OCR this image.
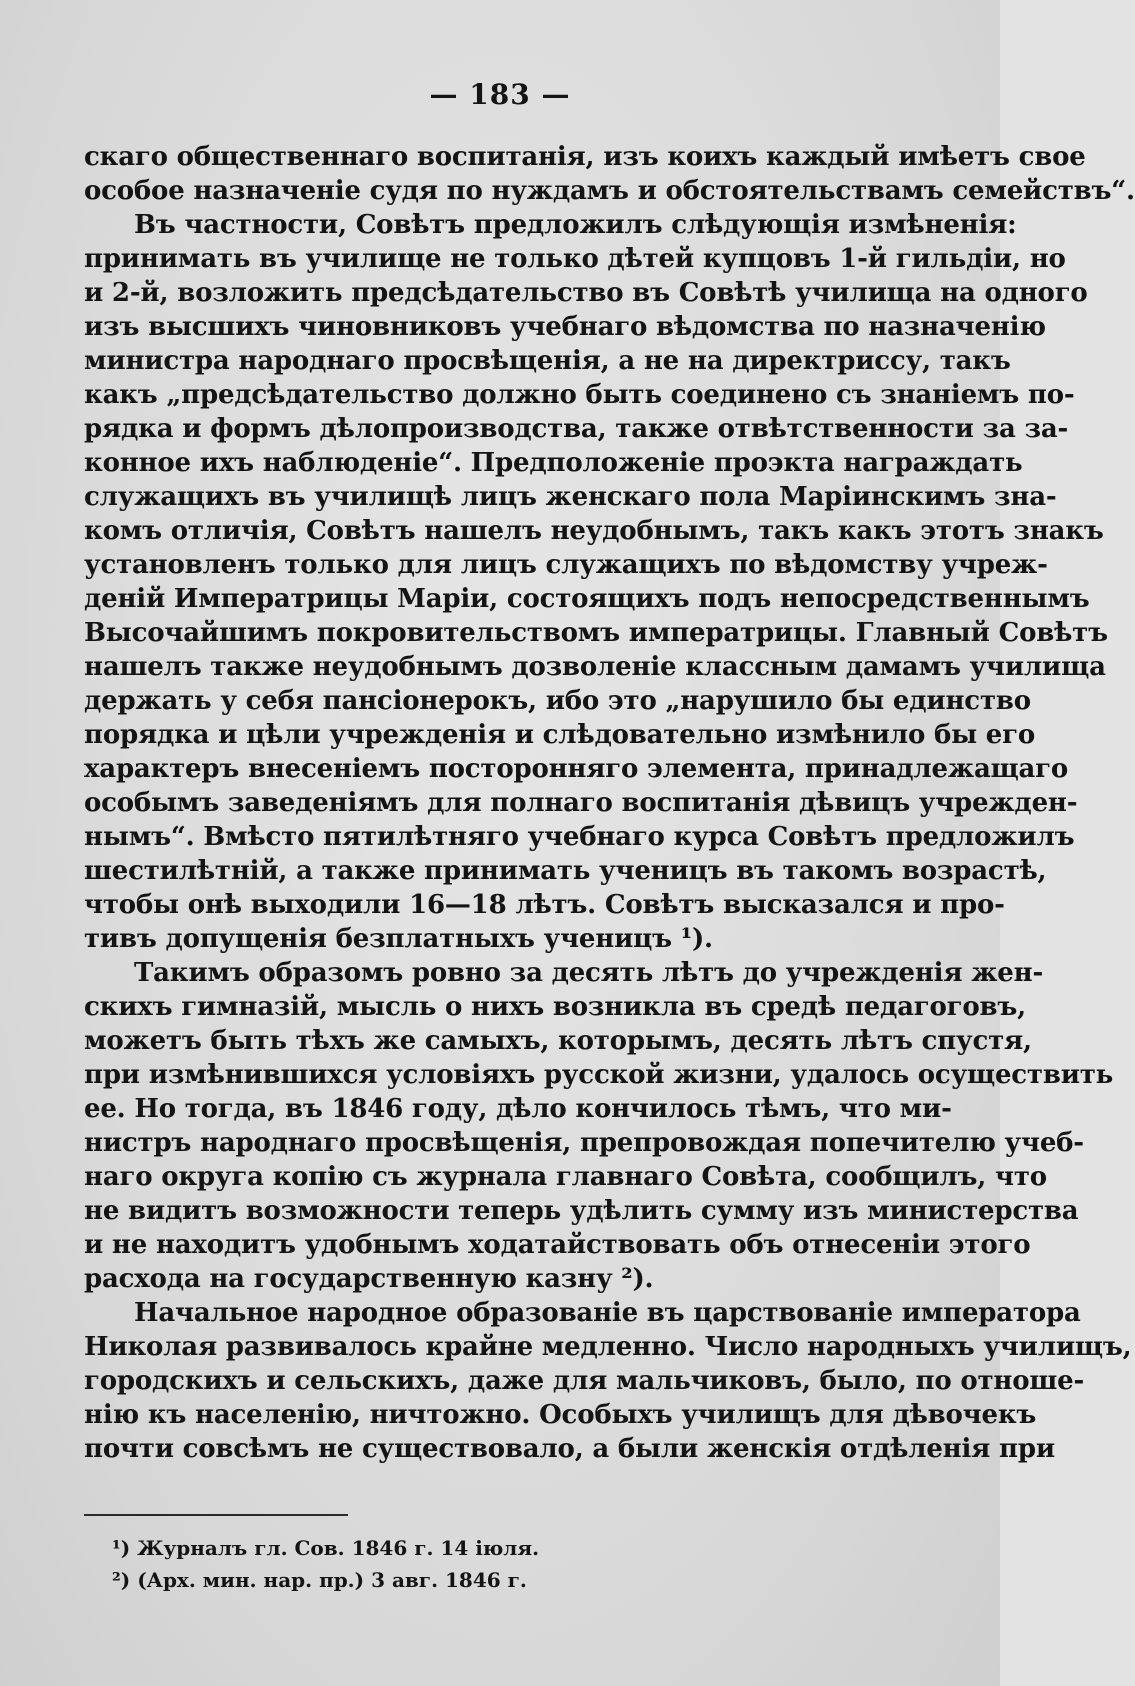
— 183 —
скаго общественнаго воспитанія, изъ коихъ каждый имѣетъ свое
особое назначеніе судя по нуждамъ и обстоятельствамъ семействъ“.
Въ частности, Совѣтъ предложилъ слѣдующія измѣненія:
принимать въ училище не только дѣтей купцовъ 1-й гильдіи, но
и 2-й, возложить предсѣдательство въ Совѣтѣ училища на одного
изъ высшихъ чиновниковъ учебнаго вѣдомства по назначенію
министра народнаго просвѣщенія, а не на директриссу, такъ
какъ „предсѣдательство должно быть соединено съ знаніемъ по-
рядка и формъ дѣлопроизводства, также отвѣтственности за за-
конное ихъ наблюденіе“. Предположеніе проэкта награждать
служащихъ въ училищѣ лицъ женскаго пола Маріинскимъ зна-
комъ отличія, Совѣтъ нашелъ неудобнымъ, такъ какъ этотъ знакъ
установленъ только для лицъ служащихъ по вѣдомству учреж-
деній Императрицы Маріи, состоящихъ подъ непосредственнымъ
Высочайшимъ покровительствомъ императрицы. Главный Совѣтъ
нашелъ также неудобнымъ дозволеніе классным дамамъ училища
держать у себя пансіонерокъ, ибо это „нарушило бы единство
порядка и цѣли учрежденія и слѣдовательно измѣнило бы его
характеръ внесеніемъ посторонняго элемента, принадлежащаго
особымъ заведеніямъ для полнаго воспитанія дѣвицъ учрежден-
нымъ“. Вмѣсто пятилѣтняго учебнаго курса Совѣтъ предложилъ
шестилѣтній, а также принимать ученицъ въ такомъ возрастѣ,
чтобы онѣ выходили 16—18 лѣтъ. Совѣтъ высказался и про-
тивъ допущенія безплатныхъ ученицъ ¹).
Такимъ образомъ ровно за десять лѣтъ до учрежденія жен-
скихъ гимназій, мысль о нихъ возникла въ средѣ педагоговъ,
можетъ быть тѣхъ же самыхъ, которымъ, десять лѣтъ спустя,
при измѣнившихся условіяхъ русской жизни, удалось осуществить
ее. Но тогда, въ 1846 году, дѣло кончилось тѣмъ, что ми-
нистръ народнаго просвѣщенія, препровождая попечителю учеб-
наго округа копію съ журнала главнаго Совѣта, сообщилъ, что
не видитъ возможности теперь удѣлить сумму изъ министерства
и не находитъ удобнымъ ходатайствовать объ отнесеніи этого
расхода на государственную казну ²).
Начальное народное образованіе въ царствованіе императора
Николая развивалось крайне медленно. Число народныхъ училищъ,
городскихъ и сельскихъ, даже для мальчиковъ, было, по отноше-
нію къ населенію, ничтожно. Особыхъ училищъ для дѣвочекъ
почти совсѣмъ не существовало, а были женскія отдѣленія при
¹) Журналъ гл. Сов. 1846 г. 14 іюля.
²) (Арх. мин. нар. пр.) 3 авг. 1846 г.
